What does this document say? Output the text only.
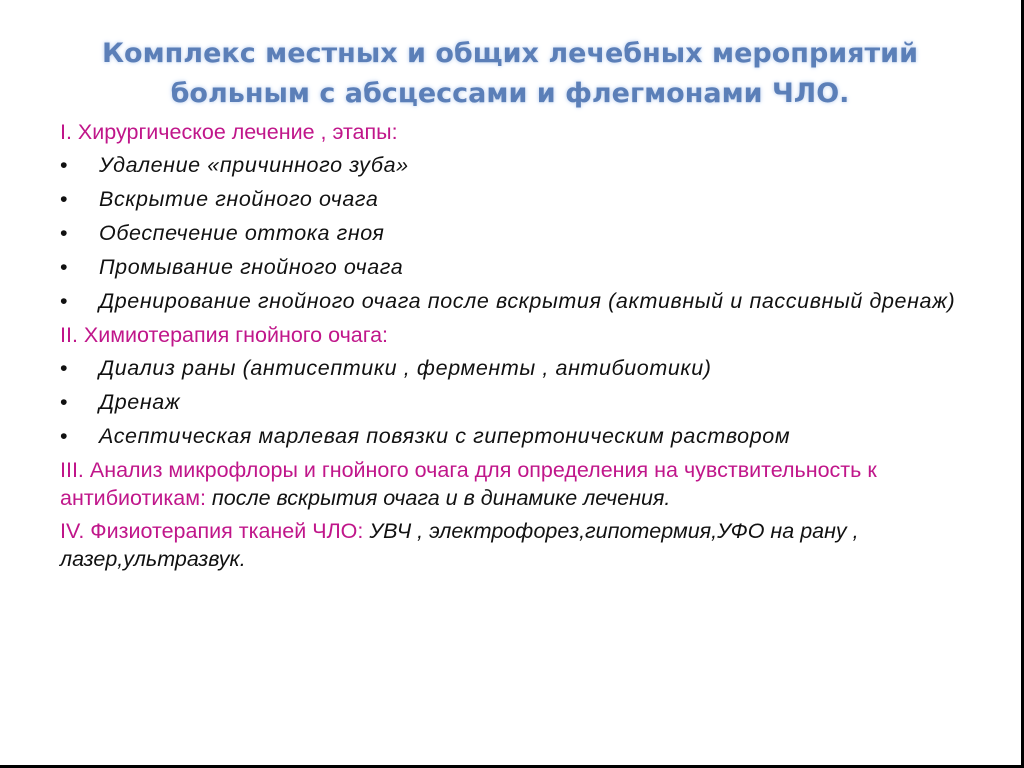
Комплекс местных и общих лечебных мероприятий
больным с абсцессами и флегмонами ЧЛО.
I. Хирургическое лечение , этапы:
• Удаление «причинного зуба»
• Вскрытие гнойного очага
• Обеспечение оттока гноя
• Промывание гнойного очага
• Дренирование гнойного очага после вскрытия (активный и пассивный дренаж)
II. Химиотерапия гнойного очага:
• Диализ раны (антисептики , ферменты , антибиотики)
• Дренаж
• Асептическая марлевая повязки с гипертоническим раствором
III. Анализ микрофлоры и гнойного очага для определения на чувствительность к антибиотикам: после вскрытия очага и в динамике лечения.
IV. Физиотерапия тканей ЧЛО: УВЧ , электрофорез,гипотермия,УФО на рану , лазер,ультразвук.
